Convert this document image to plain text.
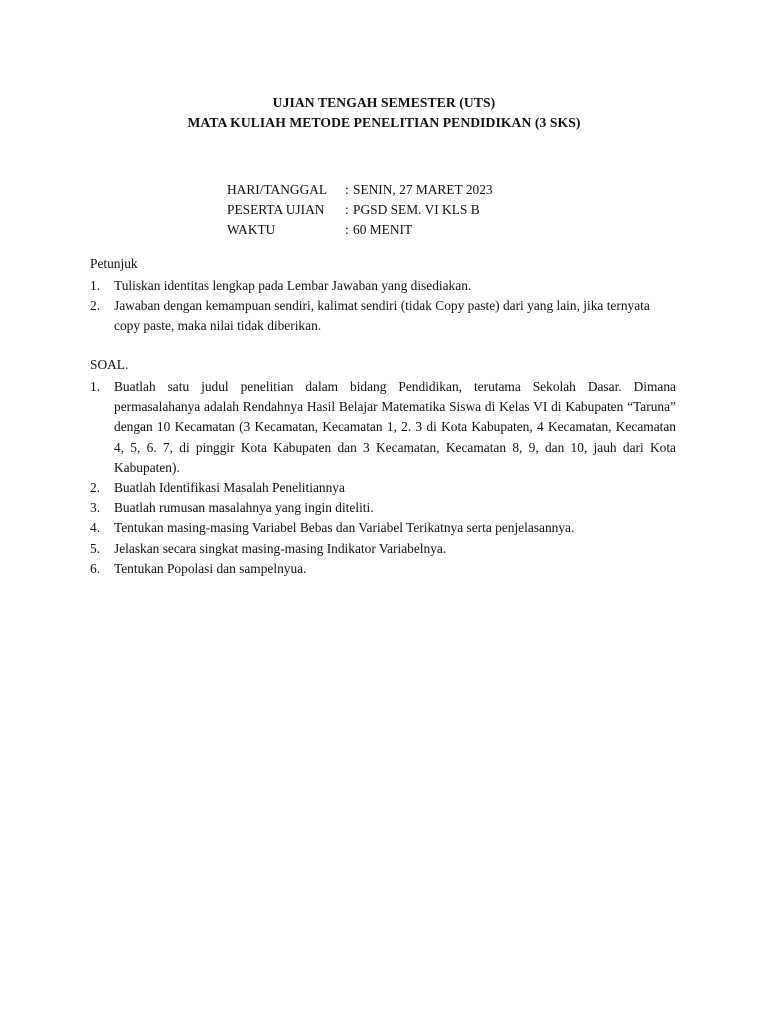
UJIAN TENGAH SEMESTER (UTS)
MATA KULIAH METODE PENELITIAN PENDIDIKAN (3 SKS)
HARI/TANGGAL	: SENIN, 27 MARET 2023
PESERTA UJIAN	: PGSD SEM. VI KLS B
WAKTU	: 60 MENIT
Petunjuk
1.	Tuliskan identitas lengkap pada Lembar Jawaban yang disediakan.
2.	Jawaban dengan kemampuan sendiri, kalimat sendiri (tidak Copy paste) dari yang lain, jika ternyata copy paste, maka nilai tidak diberikan.
SOAL.
1.	Buatlah satu judul penelitian dalam bidang Pendidikan, terutama Sekolah Dasar. Dimana permasalahanya adalah Rendahnya Hasil Belajar Matematika Siswa di Kelas VI di Kabupaten “Taruna” dengan 10 Kecamatan (3 Kecamatan, Kecamatan 1, 2. 3 di Kota Kabupaten, 4 Kecamatan, Kecamatan 4, 5, 6. 7, di pinggir Kota Kabupaten dan 3 Kecamatan, Kecamatan 8, 9, dan 10, jauh dari Kota Kabupaten).
2.	Buatlah Identifikasi Masalah Penelitiannya
3.	Buatlah rumusan masalahnya yang ingin diteliti.
4.	Tentukan masing-masing Variabel Bebas dan Variabel Terikatnya serta penjelasannya.
5.	Jelaskan secara singkat masing-masing Indikator Variabelnya.
6.	Tentukan Popolasi dan sampelnyua.
